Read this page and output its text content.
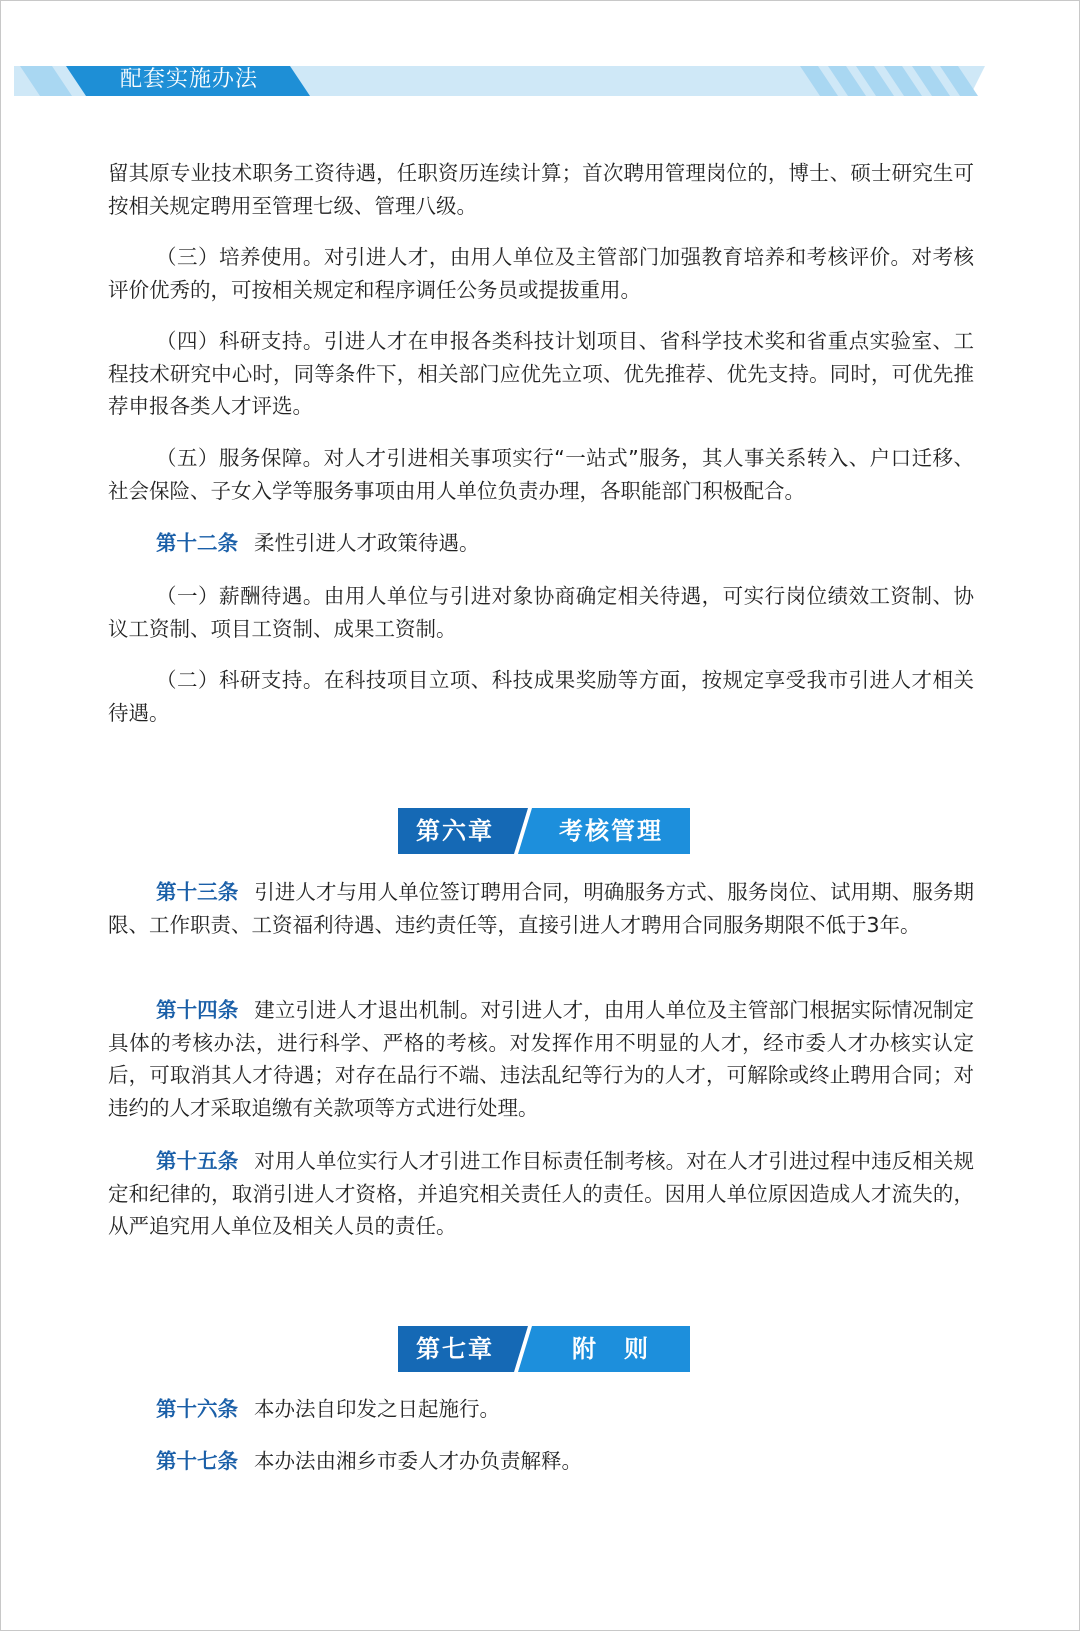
配套实施办法
留其原专业技术职务工资待遇，任职资历连续计算；首次聘用管理岗位的，博士、硕士研究生可按相关规定聘用至管理七级、管理八级。
（三）培养使用。对引进人才，由用人单位及主管部门加强教育培养和考核评价。对考核评价优秀的，可按相关规定和程序调任公务员或提拔重用。
（四）科研支持。引进人才在申报各类科技计划项目、省科学技术奖和省重点实验室、工程技术研究中心时，同等条件下，相关部门应优先立项、优先推荐、优先支持。同时，可优先推荐申报各类人才评选。
（五）服务保障。对人才引进相关事项实行“一站式”服务，其人事关系转入、户口迁移、社会保险、子女入学等服务事项由用人单位负责办理，各职能部门积极配合。
第十二条 柔性引进人才政策待遇。
（一）薪酬待遇。由用人单位与引进对象协商确定相关待遇，可实行岗位绩效工资制、协议工资制、项目工资制、成果工资制。
（二）科研支持。在科技项目立项、科技成果奖励等方面，按规定享受我市引进人才相关待遇。
第十三条 引进人才与用人单位签订聘用合同，明确服务方式、服务岗位、试用期、服务期限、工作职责、工资福利待遇、违约责任等，直接引进人才聘用合同服务期限不低于3年。
第十四条 建立引进人才退出机制。对引进人才，由用人单位及主管部门根据实际情况制定具体的考核办法，进行科学、严格的考核。对发挥作用不明显的人才，经市委人才办核实认定后，可取消其人才待遇；对存在品行不端、违法乱纪等行为的人才，可解除或终止聘用合同；对违约的人才采取追缴有关款项等方式进行处理。
第十五条 对用人单位实行人才引进工作目标责任制考核。对在人才引进过程中违反相关规定和纪律的，取消引进人才资格，并追究相关责任人的责任。因用人单位原因造成人才流失的，从严追究用人单位及相关人员的责任。
第十六条 本办法自印发之日起施行。
第十七条 本办法由湘乡市委人才办负责解释。
第六章	考核管理
第七章	附　则
